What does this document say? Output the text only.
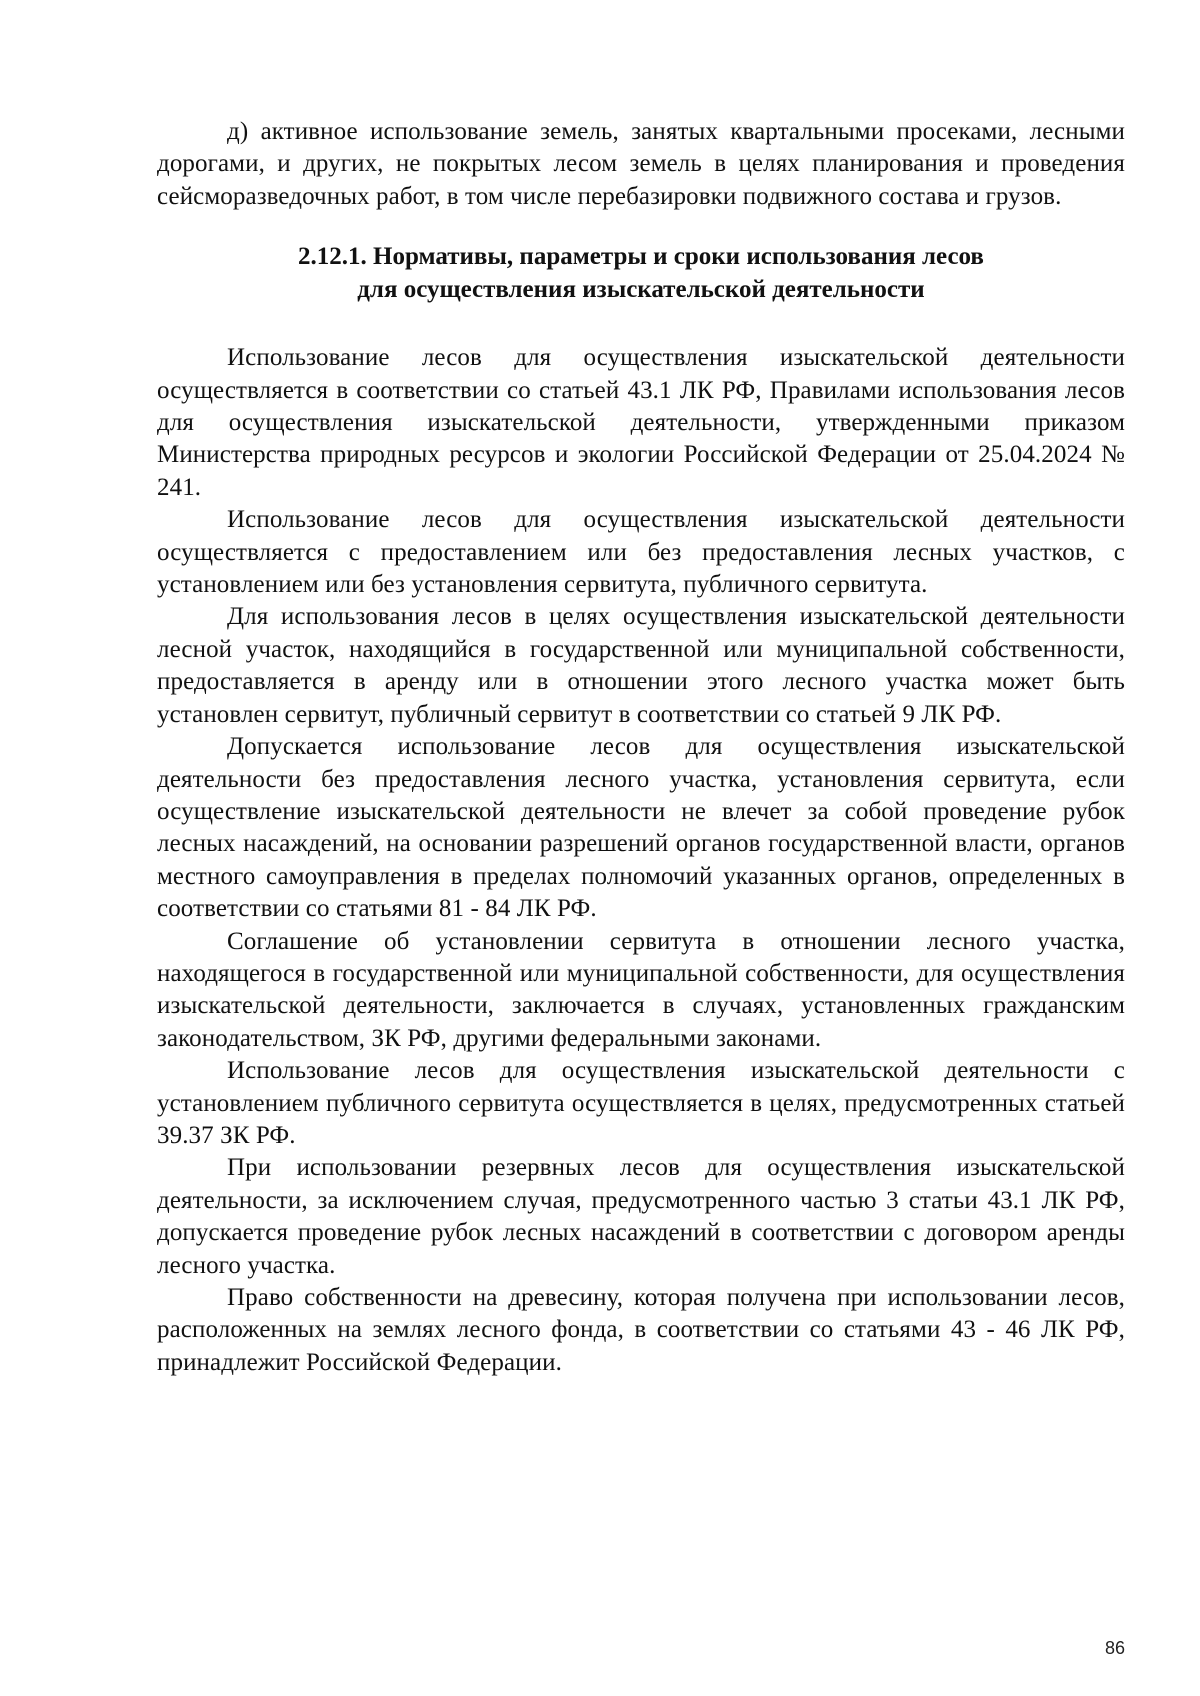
д) активное использование земель, занятых квартальными просеками, лесными дорогами, и других, не покрытых лесом земель в целях планирования и проведения сейсморазведочных работ, в том числе перебазировки подвижного состава и грузов.

2.12.1. Нормативы, параметры и сроки использования лесов
для осуществления изыскательской деятельности

Использование лесов для осуществления изыскательской деятельности осуществляется в соответствии со статьей 43.1 ЛК РФ, Правилами использования лесов для осуществления изыскательской деятельности, утвержденными приказом Министерства природных ресурсов и экологии Российской Федерации от 25.04.2024 № 241.

Использование лесов для осуществления изыскательской деятельности осуществляется с предоставлением или без предоставления лесных участков, с установлением или без установления сервитута, публичного сервитута.

Для использования лесов в целях осуществления изыскательской деятельности лесной участок, находящийся в государственной или муниципальной собственности, предоставляется в аренду или в отношении этого лесного участка может быть установлен сервитут, публичный сервитут в соответствии со статьей 9 ЛК РФ.

Допускается использование лесов для осуществления изыскательской деятельности без предоставления лесного участка, установления сервитута, если осуществление изыскательской деятельности не влечет за собой проведение рубок лесных насаждений, на основании разрешений органов государственной власти, органов местного самоуправления в пределах полномочий указанных органов, определенных в соответствии со статьями 81 - 84 ЛК РФ.

Соглашение об установлении сервитута в отношении лесного участка, находящегося в государственной или муниципальной собственности, для осуществления изыскательской деятельности, заключается в случаях, установленных гражданским законодательством, ЗК РФ, другими федеральными законами.

Использование лесов для осуществления изыскательской деятельности с установлением публичного сервитута осуществляется в целях, предусмотренных статьей 39.37 ЗК РФ.

При использовании резервных лесов для осуществления изыскательской деятельности, за исключением случая, предусмотренного частью 3 статьи 43.1 ЛК РФ, допускается проведение рубок лесных насаждений в соответствии с договором аренды лесного участка.

Право собственности на древесину, которая получена при использовании лесов, расположенных на землях лесного фонда, в соответствии со статьями 43 - 46 ЛК РФ, принадлежит Российской Федерации.

86
